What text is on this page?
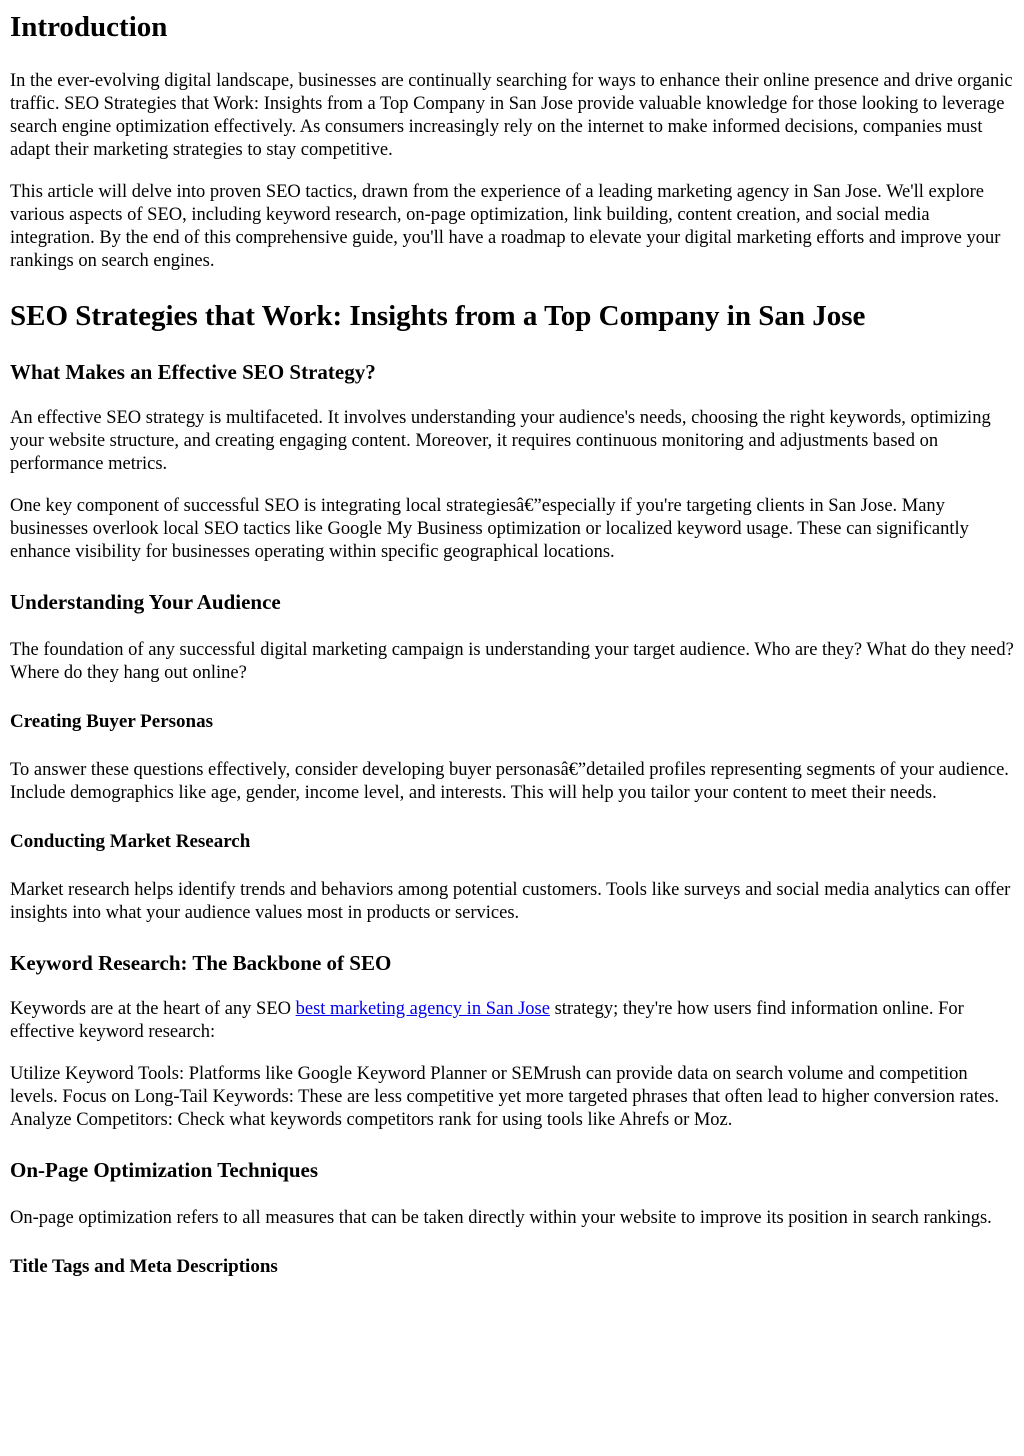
Introduction

In the ever-evolving digital landscape, businesses are continually searching for ways to enhance their online presence and drive organic traffic. SEO Strategies that Work: Insights from a Top Company in San Jose provide valuable knowledge for those looking to leverage search engine optimization effectively. As consumers increasingly rely on the internet to make informed decisions, companies must adapt their marketing strategies to stay competitive.

This article will delve into proven SEO tactics, drawn from the experience of a leading marketing agency in San Jose. We'll explore various aspects of SEO, including keyword research, on-page optimization, link building, content creation, and social media integration. By the end of this comprehensive guide, you'll have a roadmap to elevate your digital marketing efforts and improve your rankings on search engines.

SEO Strategies that Work: Insights from a Top Company in San Jose
What Makes an Effective SEO Strategy?

An effective SEO strategy is multifaceted. It involves understanding your audience's needs, choosing the right keywords, optimizing your website structure, and creating engaging content. Moreover, it requires continuous monitoring and adjustments based on performance metrics.

One key component of successful SEO is integrating local strategiesâ€”especially if you're targeting clients in San Jose. Many businesses overlook local SEO tactics like Google My Business optimization or localized keyword usage. These can significantly enhance visibility for businesses operating within specific geographical locations.

Understanding Your Audience

The foundation of any successful digital marketing campaign is understanding your target audience. Who are they? What do they need? Where do they hang out online?

Creating Buyer Personas

To answer these questions effectively, consider developing buyer personasâ€”detailed profiles representing segments of your audience. Include demographics like age, gender, income level, and interests. This will help you tailor your content to meet their needs.

Conducting Market Research

Market research helps identify trends and behaviors among potential customers. Tools like surveys and social media analytics can offer insights into what your audience values most in products or services.

Keyword Research: The Backbone of SEO

Keywords are at the heart of any SEO best marketing agency in San Jose strategy; they're how users find information online. For effective keyword research:

Utilize Keyword Tools: Platforms like Google Keyword Planner or SEMrush can provide data on search volume and competition levels. Focus on Long-Tail Keywords: These are less competitive yet more targeted phrases that often lead to higher conversion rates. Analyze Competitors: Check what keywords competitors rank for using tools like Ahrefs or Moz.

On-Page Optimization Techniques

On-page optimization refers to all measures that can be taken directly within your website to improve its position in search rankings.

Title Tags and Meta Descriptions
